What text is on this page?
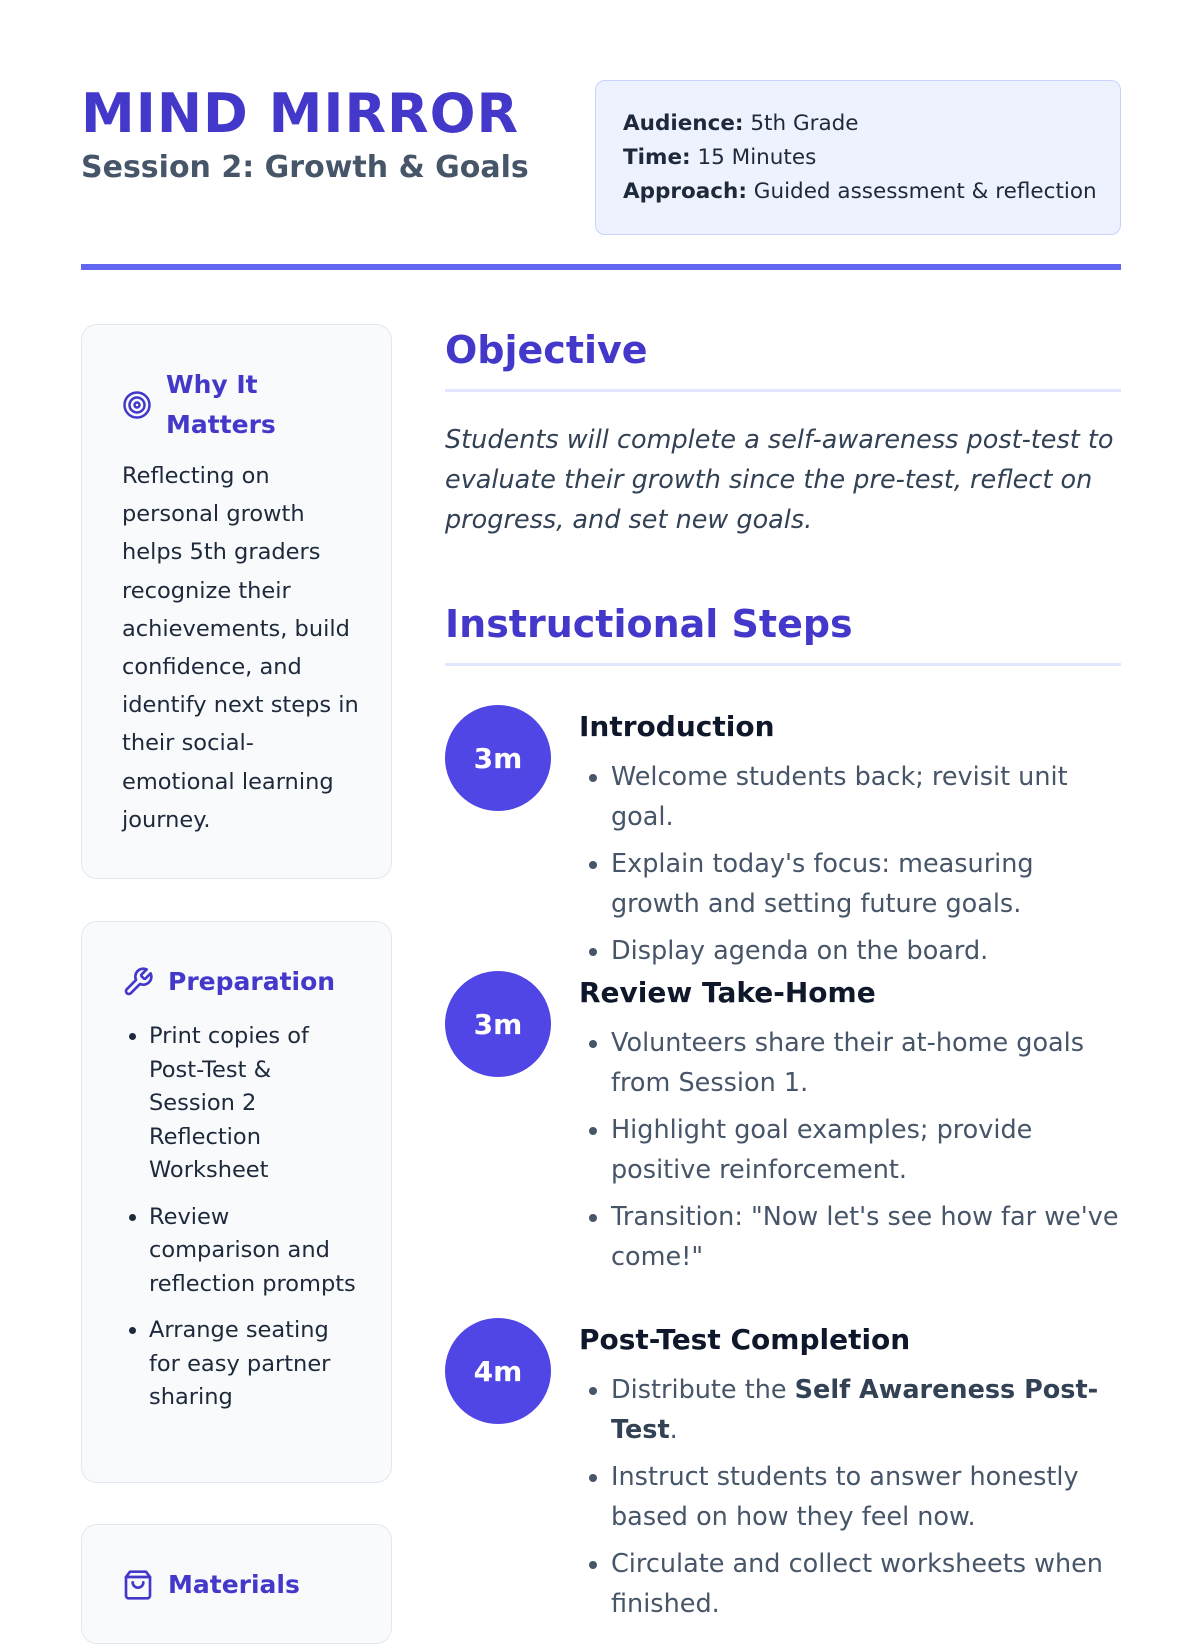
MIND MIRROR
Session 2: Growth & Goals
Audience: 5th Grade
Time: 15 Minutes
Approach: Guided assessment & reflection
Why It Matters
Reflecting on personal growth helps 5th graders recognize their achievements, build confidence, and identify next steps in their social-emotional learning journey.
Preparation
• Print copies of Post-Test & Session 2 Reflection Worksheet
• Review comparison and reflection prompts
• Arrange seating for easy partner sharing
Materials
Objective

Students will complete a self-awareness post-test to evaluate their growth since the pre-test, reflect on progress, and set new goals.

Instructional Steps
3m
Introduction
• Welcome students back; revisit unit goal.
• Explain today's focus: measuring growth and setting future goals.
• Display agenda on the board.
3m
Review Take-Home
• Volunteers share their at-home goals from Session 1.
• Highlight goal examples; provide positive reinforcement.
• Transition: "Now let's see how far we've come!"
4m
Post-Test Completion
• Distribute the Self Awareness Post-Test.
• Instruct students to answer honestly based on how they feel now.
• Circulate and collect worksheets when finished.
